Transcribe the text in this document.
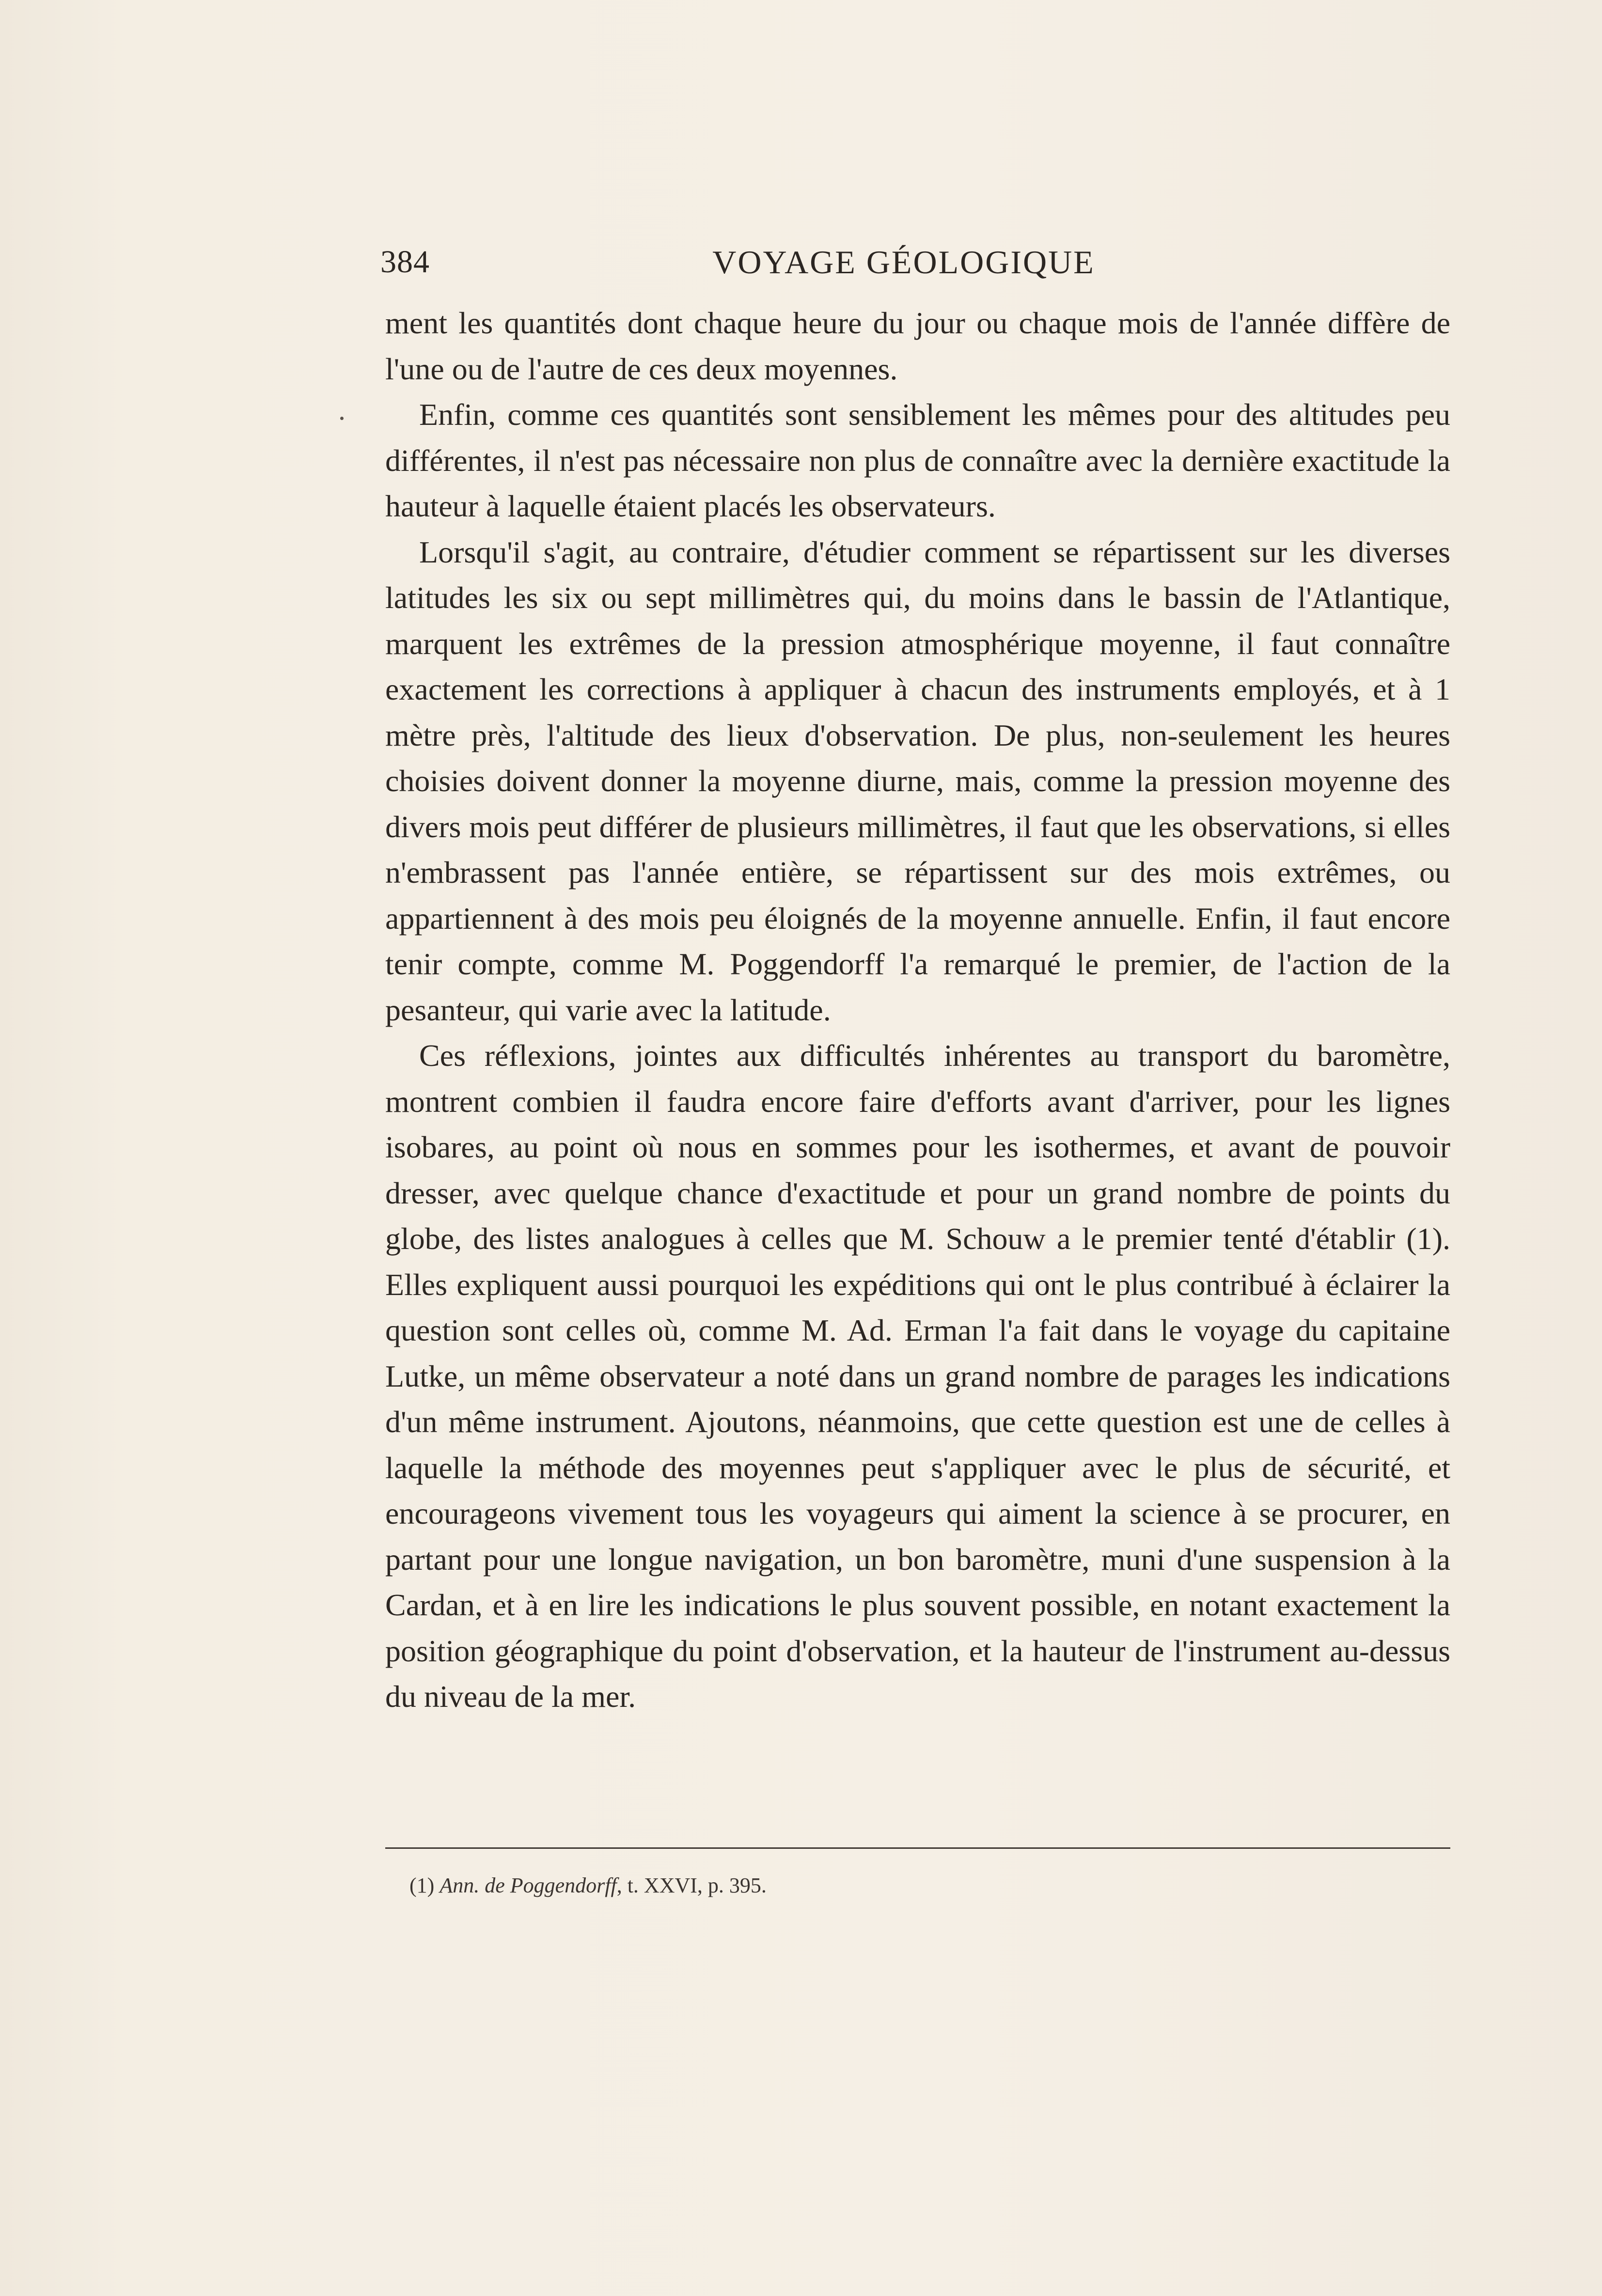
384	VOYAGE GÉOLOGIQUE

ment les quantités dont chaque heure du jour ou chaque mois de l'année diffère de l'une ou de l'autre de ces deux moyennes.

Enfin, comme ces quantités sont sensiblement les mêmes pour des altitudes peu différentes, il n'est pas nécessaire non plus de connaître avec la dernière exactitude la hauteur à laquelle étaient placés les observateurs.

Lorsqu'il s'agit, au contraire, d'étudier comment se répartissent sur les diverses latitudes les six ou sept millimètres qui, du moins dans le bassin de l'Atlantique, marquent les extrêmes de la pression atmosphérique moyenne, il faut connaître exactement les corrections à appliquer à chacun des instruments employés, et à 1 mètre près, l'altitude des lieux d'observation. De plus, non-seulement les heures choisies doivent donner la moyenne diurne, mais, comme la pression moyenne des divers mois peut différer de plusieurs millimètres, il faut que les observations, si elles n'embrassent pas l'année entière, se répartissent sur des mois extrêmes, ou appartiennent à des mois peu éloignés de la moyenne annuelle. Enfin, il faut encore tenir compte, comme M. Poggendorff l'a remarqué le premier, de l'action de la pesanteur, qui varie avec la latitude.

Ces réflexions, jointes aux difficultés inhérentes au transport du baromètre, montrent combien il faudra encore faire d'efforts avant d'arriver, pour les lignes isobares, au point où nous en sommes pour les isothermes, et avant de pouvoir dresser, avec quelque chance d'exactitude et pour un grand nombre de points du globe, des listes analogues à celles que M. Schouw a le premier tenté d'établir (1). Elles expliquent aussi pourquoi les expéditions qui ont le plus contribué à éclairer la question sont celles où, comme M. Ad. Erman l'a fait dans le voyage du capitaine Lutke, un même observateur a noté dans un grand nombre de parages les indications d'un même instrument. Ajoutons, néanmoins, que cette question est une de celles à laquelle la méthode des moyennes peut s'appliquer avec le plus de sécurité, et encourageons vivement tous les voyageurs qui aiment la science à se procurer, en partant pour une longue navigation, un bon baromètre, muni d'une suspension à la Cardan, et à en lire les indications le plus souvent possible, en notant exactement la position géographique du point d'observation, et la hauteur de l'instrument au-dessus du niveau de la mer.

(1) Ann. de Poggendorff, t. XXVI, p. 395.
